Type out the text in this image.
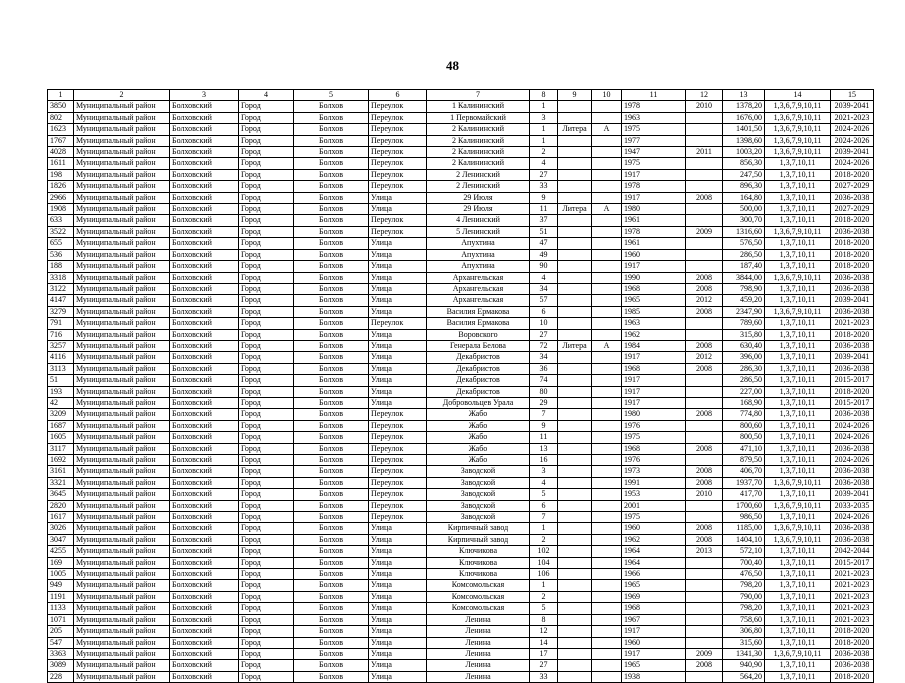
48
1	2	3	4	5	6	7	8	9	10	11	12	13	14	15
3850	Муниципальный район	Болховский	Город	Болхов	Переулок	1 Калининский	1			1978	2010	1378,20	1,3,6,7,9,10,11	2039-2041
802	Муниципальный район	Болховский	Город	Болхов	Переулок	1 Первомайский	3			1963		1676,00	1,3,6,7,9,10,11	2021-2023
1623	Муниципальный район	Болховский	Город	Болхов	Переулок	2 Калининский	1	Литера	А	1975		1401,50	1,3,6,7,9,10,11	2024-2026
1767	Муниципальный район	Болховский	Город	Болхов	Переулок	2 Калининский	1			1977		1398,60	1,3,6,7,9,10,11	2024-2026
4028	Муниципальный район	Болховский	Город	Болхов	Переулок	2 Калининский	2			1947	2011	1003,20	1,3,6,7,9,10,11	2039-2041
1611	Муниципальный район	Болховский	Город	Болхов	Переулок	2 Калининский	4			1975		856,30	1,3,7,10,11	2024-2026
198	Муниципальный район	Болховский	Город	Болхов	Переулок	2 Ленинский	27			1917		247,50	1,3,7,10,11	2018-2020
1826	Муниципальный район	Болховский	Город	Болхов	Переулок	2 Ленинский	33			1978		896,30	1,3,7,10,11	2027-2029
2966	Муниципальный район	Болховский	Город	Болхов	Улица	29 Июля	9			1917	2008	164,80	1,3,7,10,11	2036-2038
1908	Муниципальный район	Болховский	Город	Болхов	Улица	29 Июля	11	Литера	А	1980		500,00	1,3,7,10,11	2027-2029
633	Муниципальный район	Болховский	Город	Болхов	Переулок	4 Ленинский	37			1961		300,70	1,3,7,10,11	2018-2020
3522	Муниципальный район	Болховский	Город	Болхов	Переулок	5 Ленинский	51			1978	2009	1316,60	1,3,6,7,9,10,11	2036-2038
655	Муниципальный район	Болховский	Город	Болхов	Улица	Апухтина	47			1961		576,50	1,3,7,10,11	2018-2020
536	Муниципальный район	Болховский	Город	Болхов	Улица	Апухтина	49			1960		286,50	1,3,7,10,11	2018-2020
188	Муниципальный район	Болховский	Город	Болхов	Улица	Апухтина	90			1917		187,40	1,3,7,10,11	2018-2020
3318	Муниципальный район	Болховский	Город	Болхов	Улица	Архангельская	4			1990	2008	3844,00	1,3,6,7,9,10,11	2036-2038
3122	Муниципальный район	Болховский	Город	Болхов	Улица	Архангельская	34			1968	2008	798,90	1,3,7,10,11	2036-2038
4147	Муниципальный район	Болховский	Город	Болхов	Улица	Архангельская	57			1965	2012	459,20	1,3,7,10,11	2039-2041
3279	Муниципальный район	Болховский	Город	Болхов	Улица	Василия Ермакова	6			1985	2008	2347,90	1,3,6,7,9,10,11	2036-2038
791	Муниципальный район	Болховский	Город	Болхов	Переулок	Василия Ермакова	10			1963		789,60	1,3,7,10,11	2021-2023
716	Муниципальный район	Болховский	Город	Болхов	Улица	Воровского	27			1962		315,80	1,3,7,10,11	2018-2020
3257	Муниципальный район	Болховский	Город	Болхов	Улица	Генерала Белова	72	Литера	А	1984	2008	630,40	1,3,7,10,11	2036-2038
4116	Муниципальный район	Болховский	Город	Болхов	Улица	Декабристов	34			1917	2012	396,00	1,3,7,10,11	2039-2041
3113	Муниципальный район	Болховский	Город	Болхов	Улица	Декабристов	36			1968	2008	286,30	1,3,7,10,11	2036-2038
51	Муниципальный район	Болховский	Город	Болхов	Улица	Декабристов	74			1917		286,50	1,3,7,10,11	2015-2017
193	Муниципальный район	Болховский	Город	Болхов	Улица	Декабристов	80			1917		227,00	1,3,7,10,11	2018-2020
42	Муниципальный район	Болховский	Город	Болхов	Улица	Добровольцев Урала	29			1917		168,90	1,3,7,10,11	2015-2017
3209	Муниципальный район	Болховский	Город	Болхов	Переулок	Жабо	7			1980	2008	774,80	1,3,7,10,11	2036-2038
1687	Муниципальный район	Болховский	Город	Болхов	Переулок	Жабо	9			1976		800,60	1,3,7,10,11	2024-2026
1605	Муниципальный район	Болховский	Город	Болхов	Переулок	Жабо	11			1975		800,50	1,3,7,10,11	2024-2026
3117	Муниципальный район	Болховский	Город	Болхов	Переулок	Жабо	13			1968	2008	471,10	1,3,7,10,11	2036-2038
1692	Муниципальный район	Болховский	Город	Болхов	Переулок	Жабо	16			1976		879,50	1,3,7,10,11	2024-2026
3161	Муниципальный район	Болховский	Город	Болхов	Переулок	Заводской	3			1973	2008	406,70	1,3,7,10,11	2036-2038
3321	Муниципальный район	Болховский	Город	Болхов	Переулок	Заводской	4			1991	2008	1937,70	1,3,6,7,9,10,11	2036-2038
3645	Муниципальный район	Болховский	Город	Болхов	Переулок	Заводской	5			1953	2010	417,70	1,3,7,10,11	2039-2041
2820	Муниципальный район	Болховский	Город	Болхов	Переулок	Заводской	6			2001		1700,60	1,3,6,7,9,10,11	2033-2035
1617	Муниципальный район	Болховский	Город	Болхов	Переулок	Заводской	7			1975		986,50	1,3,7,10,11	2024-2026
3026	Муниципальный район	Болховский	Город	Болхов	Улица	Кирпичный завод	1			1960	2008	1185,00	1,3,6,7,9,10,11	2036-2038
3047	Муниципальный район	Болховский	Город	Болхов	Улица	Кирпичный завод	2			1962	2008	1404,10	1,3,6,7,9,10,11	2036-2038
4255	Муниципальный район	Болховский	Город	Болхов	Улица	Ключикова	102			1964	2013	572,10	1,3,7,10,11	2042-2044
169	Муниципальный район	Болховский	Город	Болхов	Улица	Ключикова	104			1964		700,40	1,3,7,10,11	2015-2017
1005	Муниципальный район	Болховский	Город	Болхов	Улица	Ключикова	106			1966		476,50	1,3,7,10,11	2021-2023
949	Муниципальный район	Болховский	Город	Болхов	Улица	Комсомольская	1			1965		798,20	1,3,7,10,11	2021-2023
1191	Муниципальный район	Болховский	Город	Болхов	Улица	Комсомольская	2			1969		790,00	1,3,7,10,11	2021-2023
1133	Муниципальный район	Болховский	Город	Болхов	Улица	Комсомольская	5			1968		798,20	1,3,7,10,11	2021-2023
1071	Муниципальный район	Болховский	Город	Болхов	Улица	Ленина	8			1967		758,60	1,3,7,10,11	2021-2023
205	Муниципальный район	Болховский	Город	Болхов	Улица	Ленина	12			1917		306,80	1,3,7,10,11	2018-2020
547	Муниципальный район	Болховский	Город	Болхов	Улица	Ленина	14			1960		315,60	1,3,7,10,11	2018-2020
3363	Муниципальный район	Болховский	Город	Болхов	Улица	Ленина	17			1917	2009	1341,30	1,3,6,7,9,10,11	2036-2038
3089	Муниципальный район	Болховский	Город	Болхов	Улица	Ленина	27			1965	2008	940,90	1,3,7,10,11	2036-2038
228	Муниципальный район	Болховский	Город	Болхов	Улица	Ленина	33			1938		564,20	1,3,7,10,11	2018-2020
